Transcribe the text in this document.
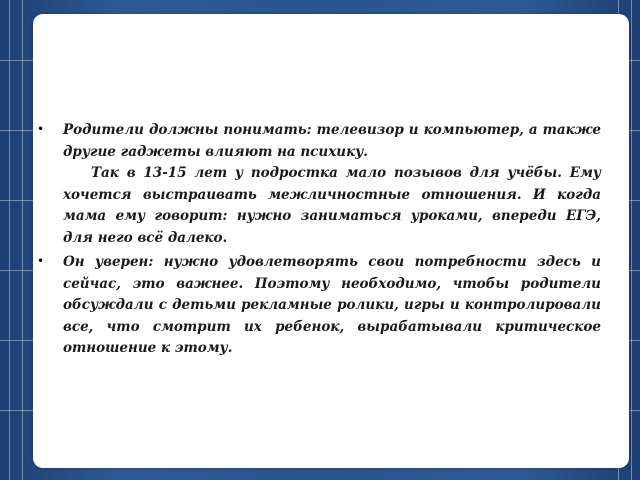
• Родители должны понимать: телевизор и компьютер, а также другие гаджеты влияют на психику.
Так в 13-15 лет у подростка мало позывов для учёбы. Ему хочется выстраивать межличностные отношения. И когда мама ему говорит: нужно заниматься уроками, впереди ЕГЭ, для него всё далеко.

• Он уверен: нужно удовлетворять свои потребности здесь и сейчас, это важнее. Поэтому необходимо, чтобы родители обсуждали с детьми рекламные ролики, игры и контролировали все, что смотрит их ребенок, вырабатывали критическое отношение к этому.
